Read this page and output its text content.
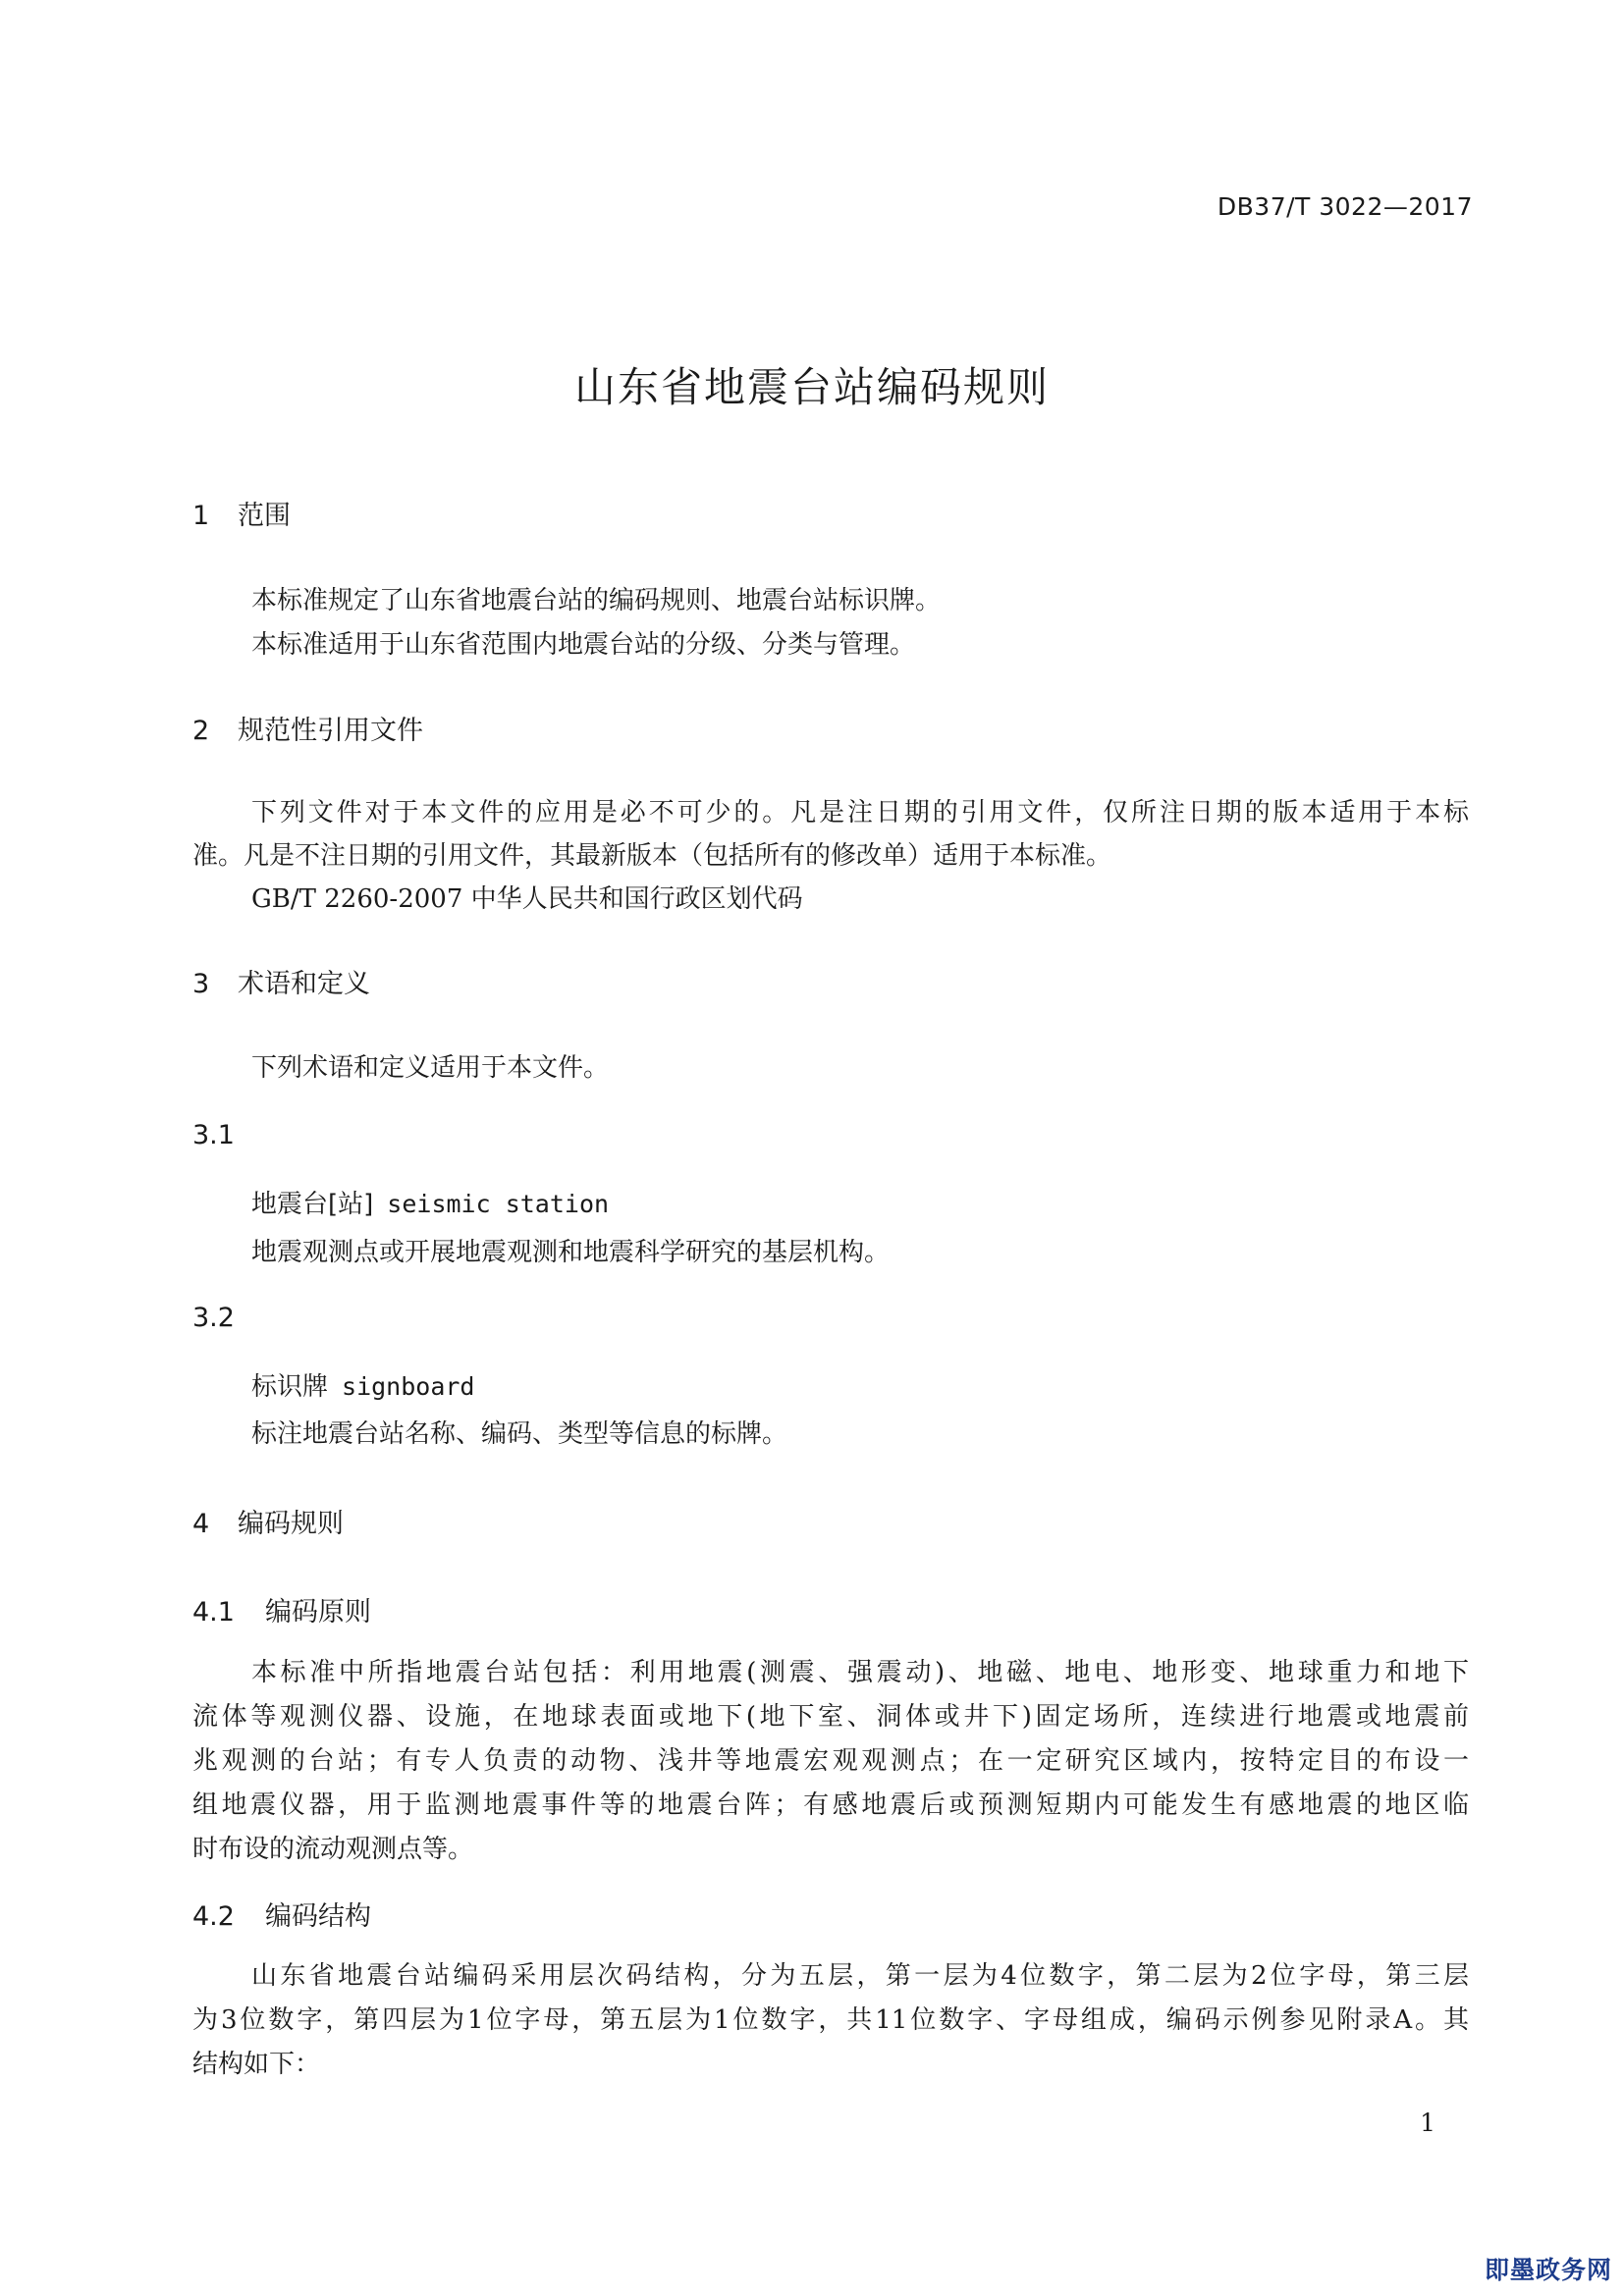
DB37/T 3022—2017
山东省地震台站编码规则
1 范围
本标准规定了山东省地震台站的编码规则、地震台站标识牌。
本标准适用于山东省范围内地震台站的分级、分类与管理。
2 规范性引用文件
下列文件对于本文件的应用是必不可少的。凡是注日期的引用文件，仅所注日期的版本适用于本标
准。凡是不注日期的引用文件，其最新版本（包括所有的修改单）适用于本标准。
GB/T 2260-2007 中华人民共和国行政区划代码
3 术语和定义
下列术语和定义适用于本文件。
3.1
地震台[站] seismic station
地震观测点或开展地震观测和地震科学研究的基层机构。
3.2
标识牌 signboard
标注地震台站名称、编码、类型等信息的标牌。
4 编码规则
4.1 编码原则
本标准中所指地震台站包括：利用地震(测震、强震动)、地磁、地电、地形变、地球重力和地下
流体等观测仪器、设施，在地球表面或地下(地下室、洞体或井下)固定场所，连续进行地震或地震前
兆观测的台站；有专人负责的动物、浅井等地震宏观观测点；在一定研究区域内，按特定目的布设一
组地震仪器，用于监测地震事件等的地震台阵；有感地震后或预测短期内可能发生有感地震的地区临
时布设的流动观测点等。
4.2 编码结构
山东省地震台站编码采用层次码结构，分为五层，第一层为4位数字，第二层为2位字母，第三层
为3位数字，第四层为1位字母，第五层为1位数字，共11位数字、字母组成，编码示例参见附录A。其
结构如下：
1
即墨政务网
